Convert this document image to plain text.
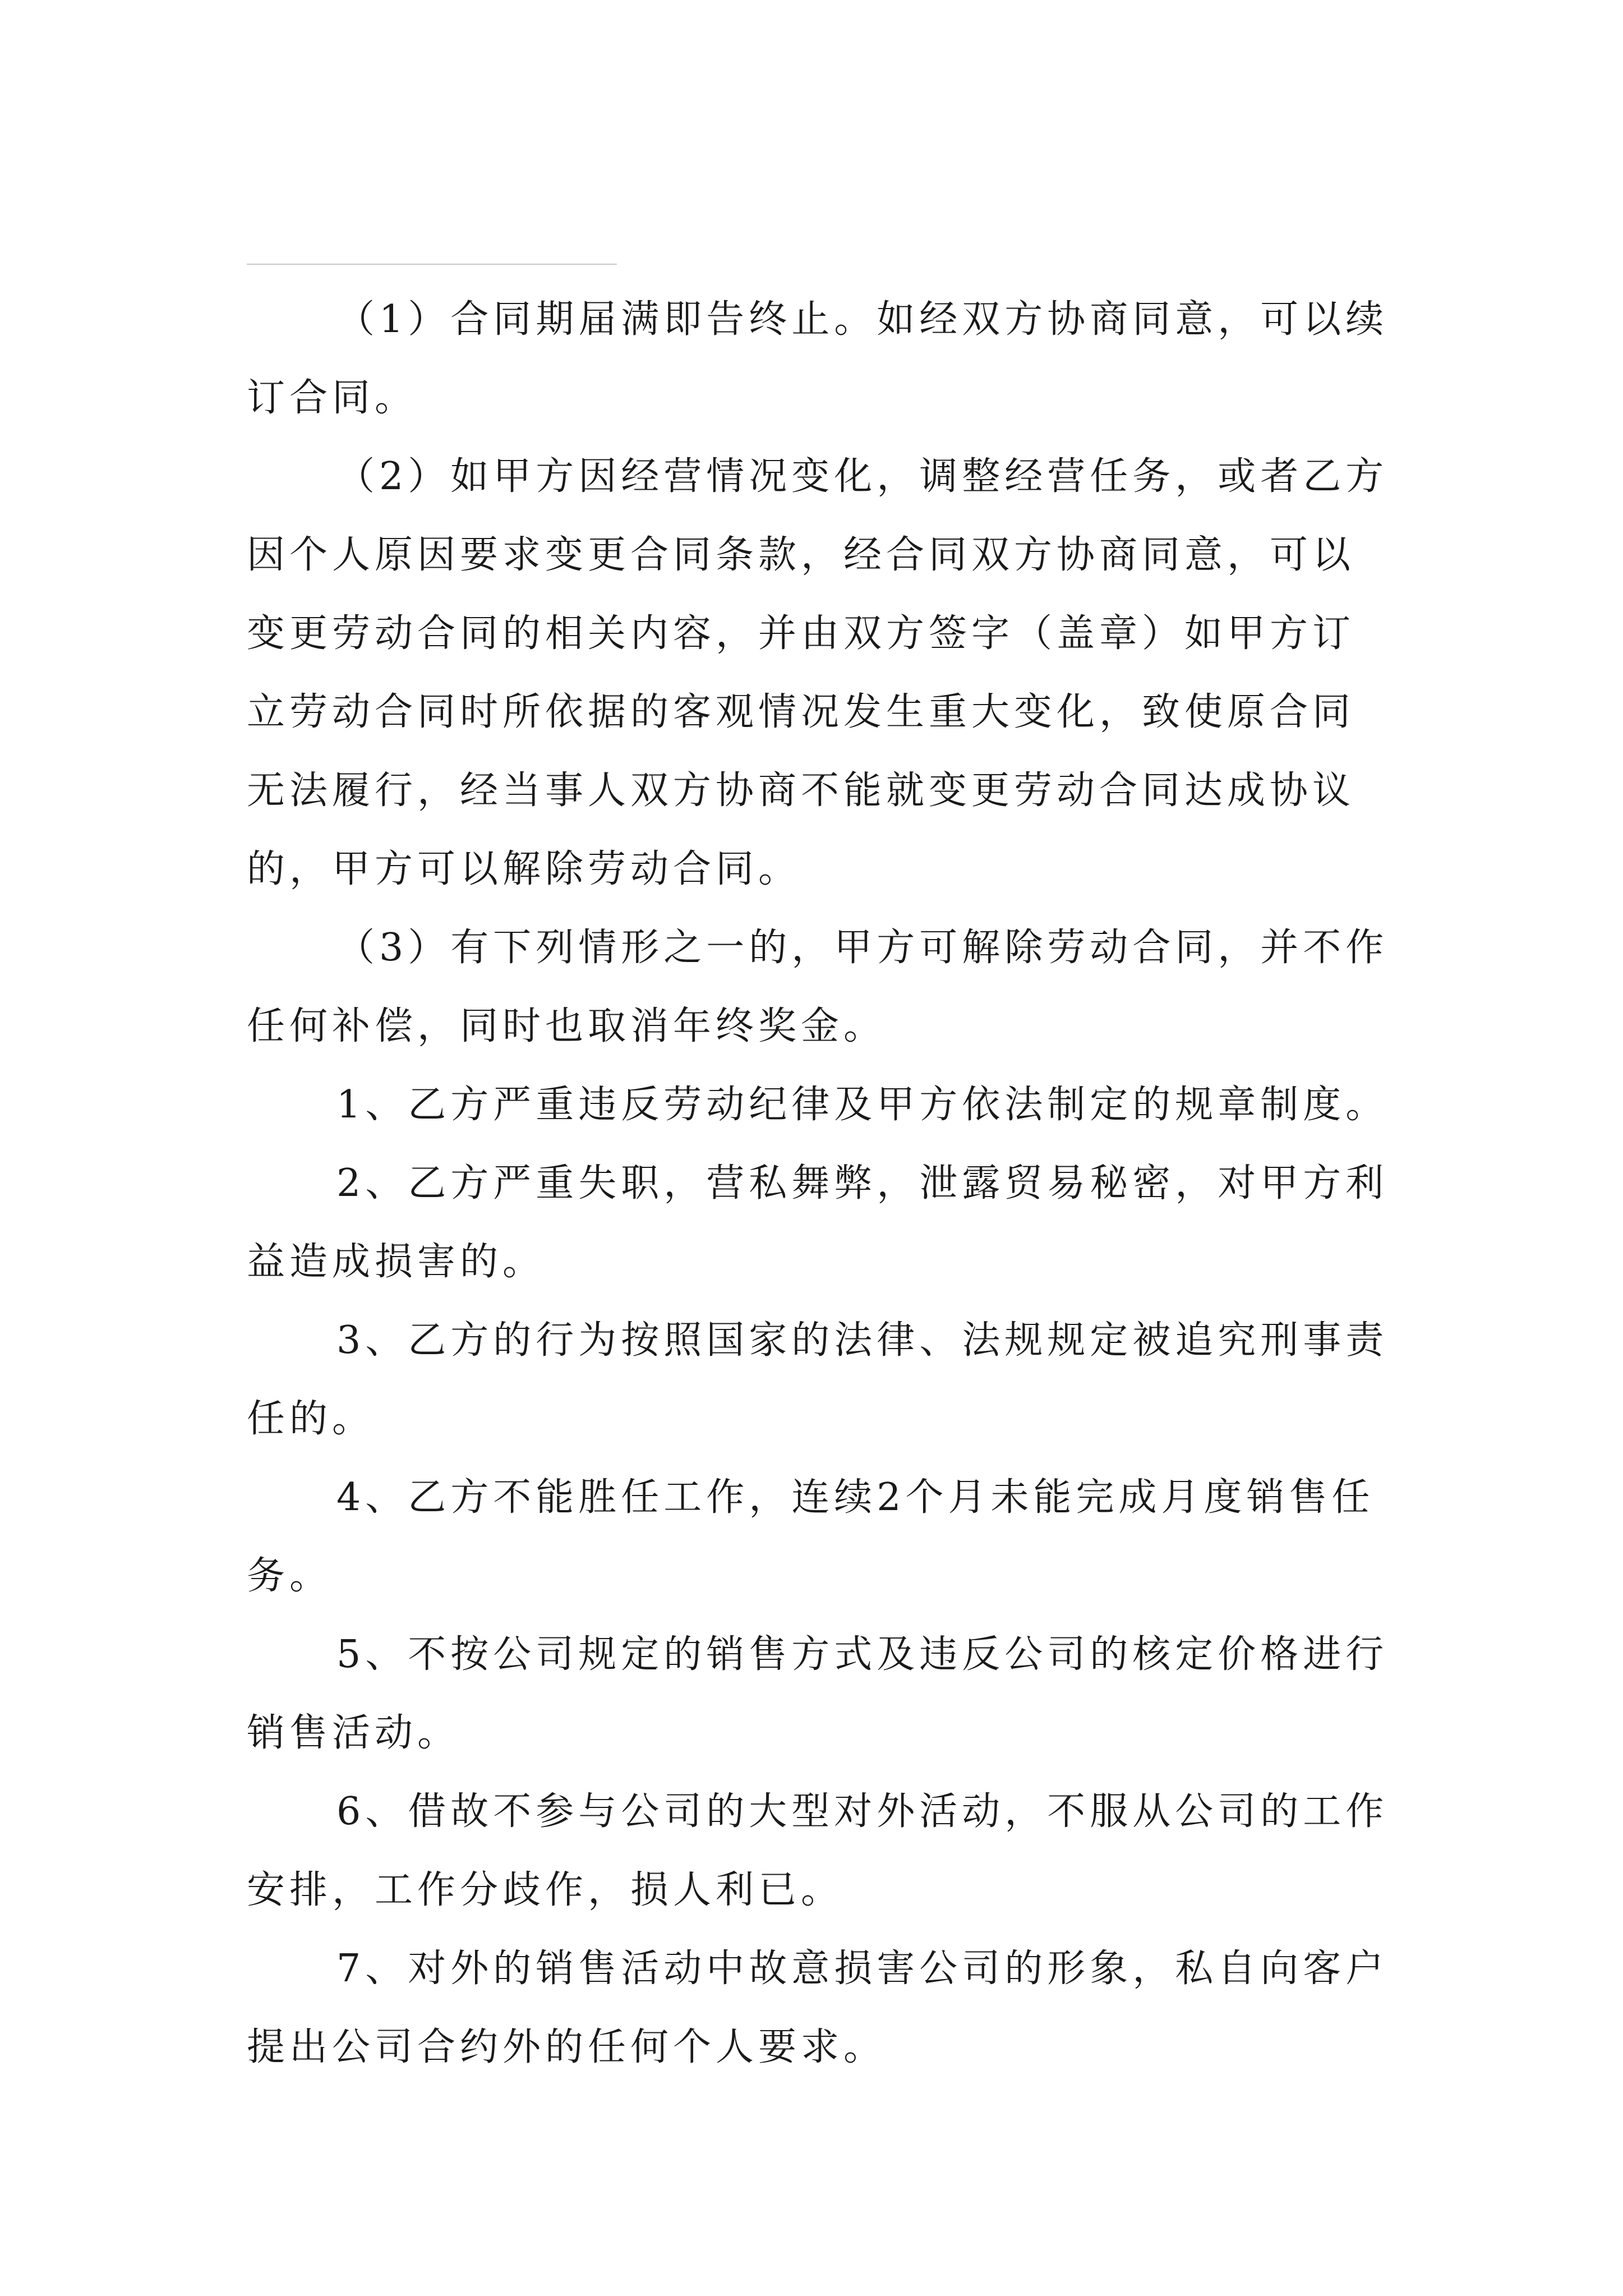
（1）合同期届满即告终止。如经双方协商同意，可以续订合同。

（2）如甲方因经营情况变化，调整经营任务，或者乙方因个人原因要求变更合同条款，经合同双方协商同意，可以变更劳动合同的相关内容，并由双方签字（盖章）如甲方订立劳动合同时所依据的客观情况发生重大变化，致使原合同无法履行，经当事人双方协商不能就变更劳动合同达成协议的，甲方可以解除劳动合同。

（3）有下列情形之一的，甲方可解除劳动合同，并不作任何补偿，同时也取消年终奖金。

1、乙方严重违反劳动纪律及甲方依法制定的规章制度。

2、乙方严重失职，营私舞弊，泄露贸易秘密，对甲方利益造成损害的。

3、乙方的行为按照国家的法律、法规规定被追究刑事责任的。

4、乙方不能胜任工作，连续2个月未能完成月度销售任务。

5、不按公司规定的销售方式及违反公司的核定价格进行销售活动。

6、借故不参与公司的大型对外活动，不服从公司的工作安排，工作分歧作，损人利已。

7、对外的销售活动中故意损害公司的形象，私自向客户提出公司合约外的任何个人要求。
